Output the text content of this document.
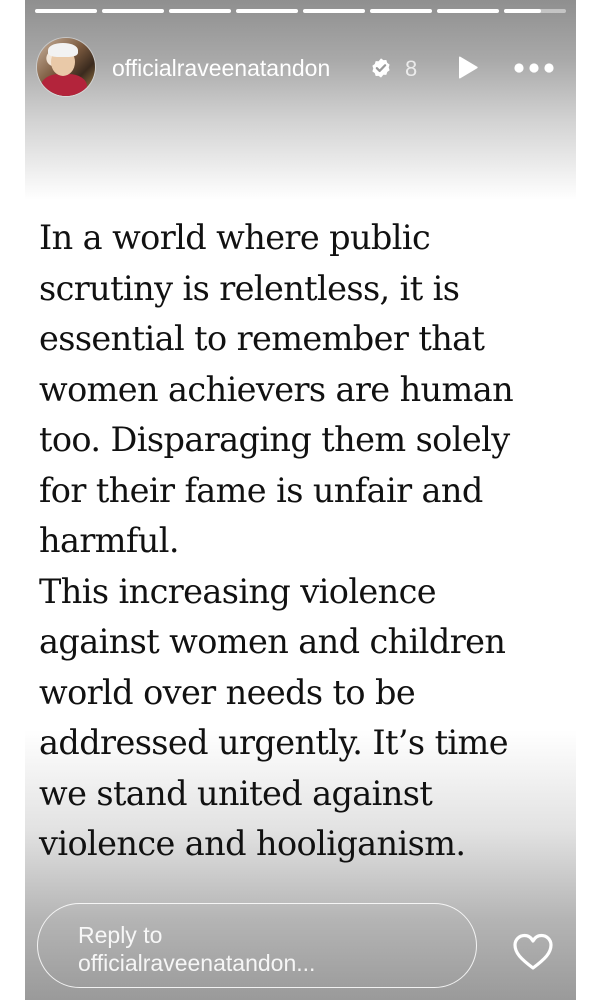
officialraveenatandon	8

In a world where public
scrutiny is relentless, it is
essential to remember that
women achievers are human
too. Disparaging them solely
for their fame is unfair and
harmful.
This increasing violence
against women and children
world over needs to be
addressed urgently. It’s time
we stand united against
violence and hooliganism.

Reply to
officialraveenatandon...
